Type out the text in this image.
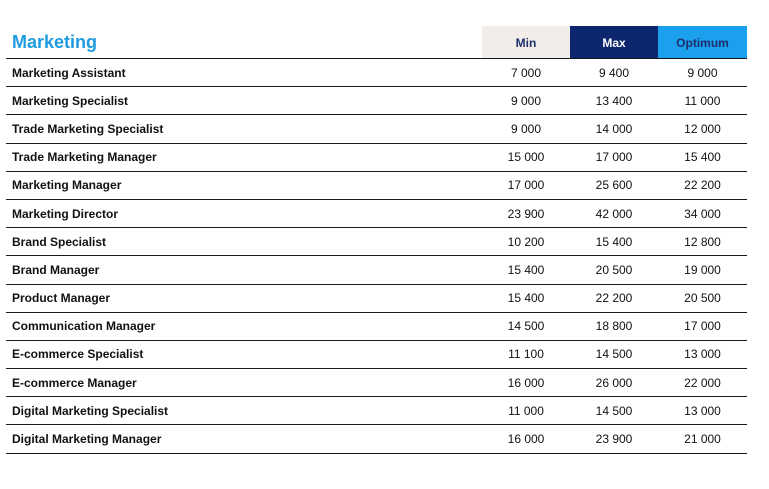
Marketing	Min	Max	Optimum
Marketing Assistant	7 000	9 400	9 000
Marketing Specialist	9 000	13 400	11 000
Trade Marketing Specialist	9 000	14 000	12 000
Trade Marketing Manager	15 000	17 000	15 400
Marketing Manager	17 000	25 600	22 200
Marketing Director	23 900	42 000	34 000
Brand Specialist	10 200	15 400	12 800
Brand Manager	15 400	20 500	19 000
Product Manager	15 400	22 200	20 500
Communication Manager	14 500	18 800	17 000
E-commerce Specialist	11 100	14 500	13 000
E-commerce Manager	16 000	26 000	22 000
Digital Marketing Specialist	11 000	14 500	13 000
Digital Marketing Manager	16 000	23 900	21 000
